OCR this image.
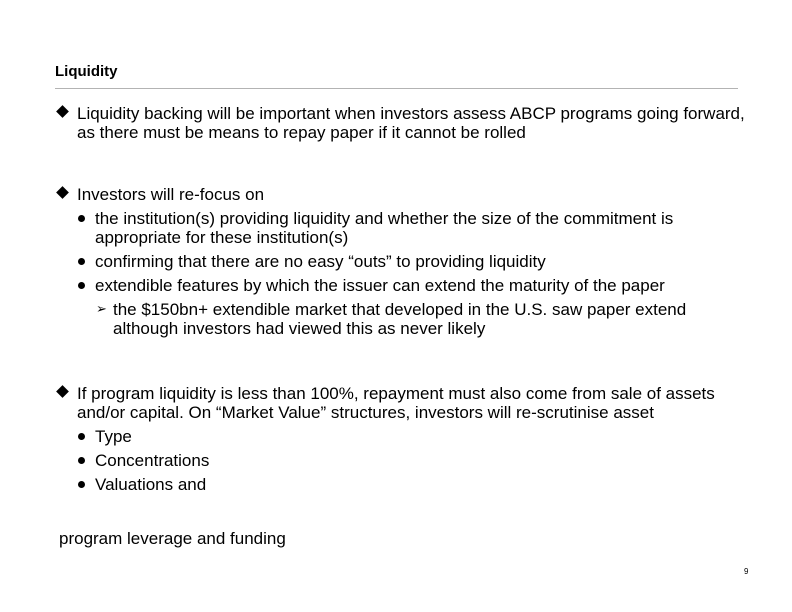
Liquidity
Liquidity backing will be important when investors assess ABCP programs going forward, as there must be means to repay paper if it cannot be rolled
Investors will re-focus on
the institution(s) providing liquidity and whether the size of the commitment is appropriate for these institution(s)
confirming that there are no easy “outs” to providing liquidity
extendible features by which the issuer can extend the maturity of the paper
➢ the $150bn+ extendible market that developed in the U.S. saw paper extend although investors had viewed this as never likely
If program liquidity is less than 100%, repayment must also come from sale of assets and/or capital. On “Market Value” structures, investors will re-scrutinise asset
Type
Concentrations
Valuations and
program leverage and funding
9
